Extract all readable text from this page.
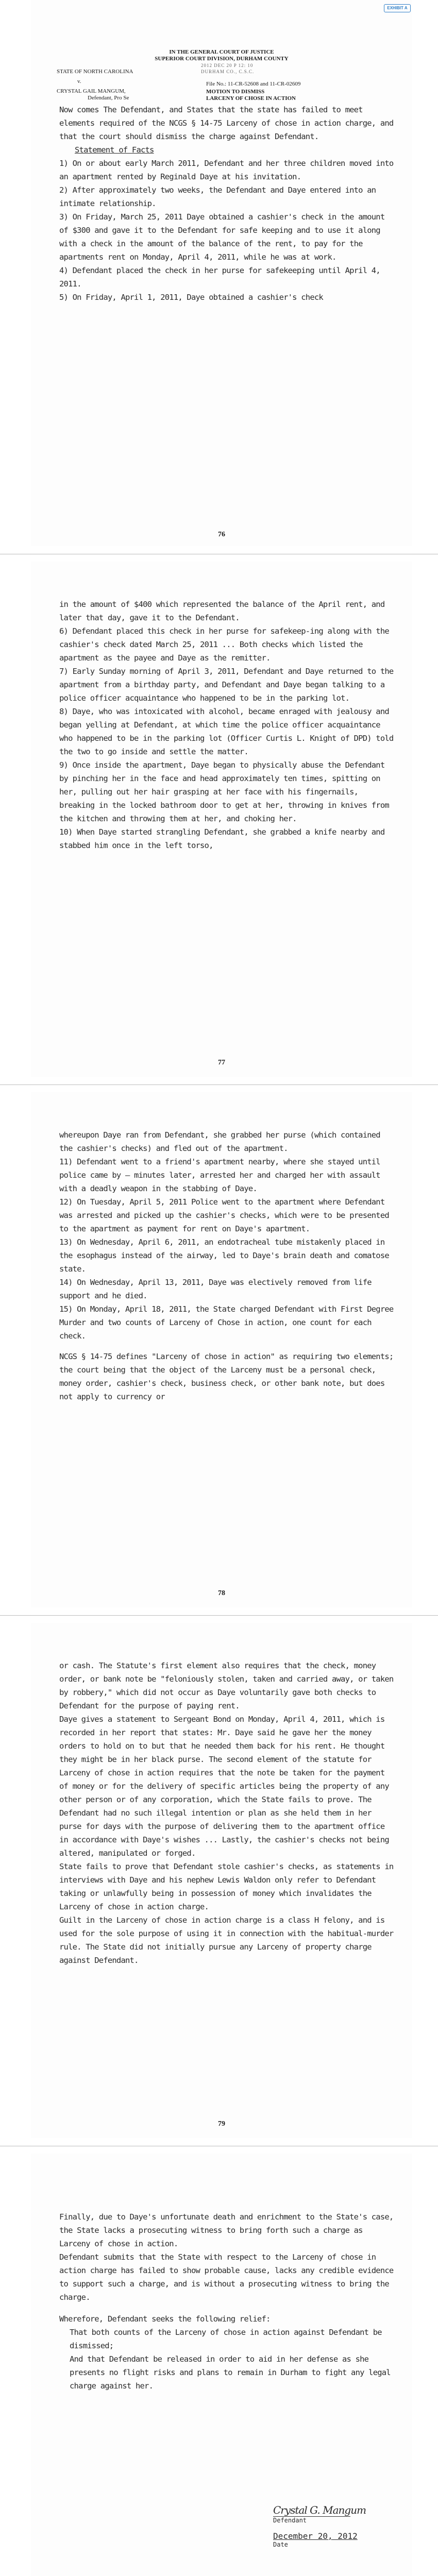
EXHIBIT A
IN THE GENERAL COURT OF JUSTICE
SUPERIOR COURT DIVISION, DURHAM COUNTY
2012 DEC 20 P 12: 10
DURHAM CO., C.S.C.
STATE OF NORTH CAROLINA
v.
CRYSTAL GAIL MANGUM,
Defendant, Pro Se
File No.: 11-CR-52608 and 11-CR-02609
MOTION TO DISMISS
LARCENY OF CHOSE IN ACTION

Now comes The Defendant, and States that the state has failed to meet elements required of the NCGS § 14-75 Larceny of chose in action charge, and that the court should dismiss the charge against Defendant.

Statement of Facts

1) On or about early March 2011, Defendant and her three children moved into an apartment rented by Reginald Daye at his invitation.

2) After approximately two weeks, the Defendant and Daye entered into an intimate relationship.

3) On Friday, March 25, 2011 Daye obtained a cashier's check in the amount of $300 and gave it to the Defendant for safe keeping and to use it along with a check in the amount of the balance of the rent, to pay for the apartments rent on Monday, April 4, 2011, while he was at work.

4) Defendant placed the check in her purse for safekeeping until April 4, 2011.

5) On Friday, April 1, 2011, Daye obtained a cashier's check

76

in the amount of $400 which represented the balance of the April rent, and later that day, gave it to the Defendant.

6) Defendant placed this check in her purse for safekeep-ing along with the cashier's check dated March 25, 2011 ... Both checks which listed the apartment as the payee and Daye as the remitter.

7) Early Sunday morning of April 3, 2011, Defendant and Daye returned to the apartment from a birthday party, and Defendant and Daye began talking to a police officer acquaintance who happened to be in the parking lot.

8) Daye, who was intoxicated with alcohol, became enraged with jealousy and began yelling at Defendant, at which time the police officer acquaintance who happened to be in the parking lot (Officer Curtis L. Knight of DPD) told the two to go inside and settle the matter.

9) Once inside the apartment, Daye began to physically abuse the Defendant by pinching her in the face and head approximately ten times, spitting on her, pulling out her hair grasping at her face with his fingernails, breaking in the locked bathroom door to get at her, throwing in knives from the kitchen and throwing them at her, and choking her.

10) When Daye started strangling Defendant, she grabbed a knife nearby and stabbed him once in the left torso,

77

whereupon Daye ran from Defendant, she grabbed her purse (which contained the cashier's checks) and fled out of the apartment.

11) Defendant went to a friend's apartment nearby, where she stayed until police came by — minutes later, arrested her and charged her with assault with a deadly weapon in the stabbing of Daye.

12) On Tuesday, April 5, 2011 Police went to the apartment where Defendant was arrested and picked up the cashier's checks, which were to be presented to the apartment as payment for rent on Daye's apartment.

13) On Wednesday, April 6, 2011, an endotracheal tube mistakenly placed in the esophagus instead of the airway, led to Daye's brain death and comatose state.

14) On Wednesday, April 13, 2011, Daye was electively removed from life support and he died.

15) On Monday, April 18, 2011, the State charged Defendant with First Degree Murder and two counts of Larceny of Chose in action, one count for each check.

NCGS § 14-75 defines "Larceny of chose in action" as requiring two elements; the court being that the object of the Larceny must be a personal check, money order, cashier's check, business check, or other bank note, but does not apply to currency or

78

or cash. The Statute's first element also requires that the check, money order, or bank note be "feloniously stolen, taken and carried away, or taken by robbery," which did not occur as Daye voluntarily gave both checks to Defendant for the purpose of paying rent.

Daye gives a statement to Sergeant Bond on Monday, April 4, 2011, which is recorded in her report that states: Mr. Daye said he gave her the money orders to hold on to but that he needed them back for his rent. He thought they might be in her black purse. The second element of the statute for Larceny of chose in action requires that the note be taken for the payment of money or for the delivery of specific articles being the property of any other person or of any corporation, which the State fails to prove. The Defendant had no such illegal intention or plan as she held them in her purse for days with the purpose of delivering them to the apartment office in accordance with Daye's wishes ... Lastly, the cashier's checks not being altered, manipulated or forged.

State fails to prove that Defendant stole cashier's checks, as statements in interviews with Daye and his nephew Lewis Waldon only refer to Defendant taking or unlawfully being in possession of money which invalidates the Larceny of chose in action charge.

Guilt in the Larceny of chose in action charge is a class H felony, and is used for the sole purpose of using it in connection with the habitual-murder rule. The State did not initially pursue any Larceny of property charge against Defendant.

79

Finally, due to Daye's unfortunate death and enrichment to the State's case, the State lacks a prosecuting witness to bring forth such a charge as Larceny of chose in action.

Defendant submits that the State with respect to the Larceny of chose in action charge has failed to show probable cause, lacks any credible evidence to support such a charge, and is without a prosecuting witness to bring the charge.

Wherefore, Defendant seeks the following relief:

That both counts of the Larceny of chose in action against Defendant be dismissed;

And that Defendant be released in order to aid in her defense as she presents no flight risks and plans to remain in Durham to fight any legal charge against her.

Crystal G. Mangum
Defendant
December 20, 2012
Date
